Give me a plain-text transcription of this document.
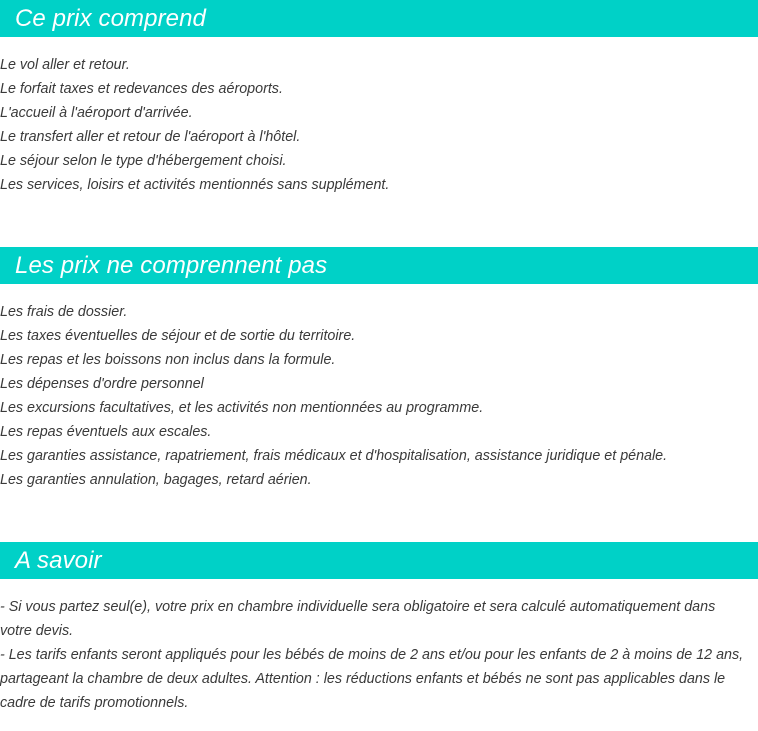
Ce prix comprend
Le vol aller et retour.
Le forfait taxes et redevances des aéroports.
L'accueil à l'aéroport d'arrivée.
Le transfert aller et retour de l'aéroport à l'hôtel.
Le séjour selon le type d'hébergement choisi.
Les services, loisirs et activités mentionnés sans supplément.
Les prix ne comprennent pas
Les frais de dossier.
Les taxes éventuelles de séjour et de sortie du territoire.
Les repas et les boissons non inclus dans la formule.
Les dépenses d'ordre personnel
Les excursions facultatives, et les activités non mentionnées au programme.
Les repas éventuels aux escales.
Les garanties assistance, rapatriement, frais médicaux et d'hospitalisation, assistance juridique et pénale.
Les garanties annulation, bagages, retard aérien.
A savoir

- Si vous partez seul(e), votre prix en chambre individuelle sera obligatoire et sera calculé automatiquement dans votre devis.

- Les tarifs enfants seront appliqués pour les bébés de moins de 2 ans et/ou pour les enfants de 2 à moins de 12 ans, partageant la chambre de deux adultes. Attention : les réductions enfants et bébés ne sont pas applicables dans le cadre de tarifs promotionnels.
